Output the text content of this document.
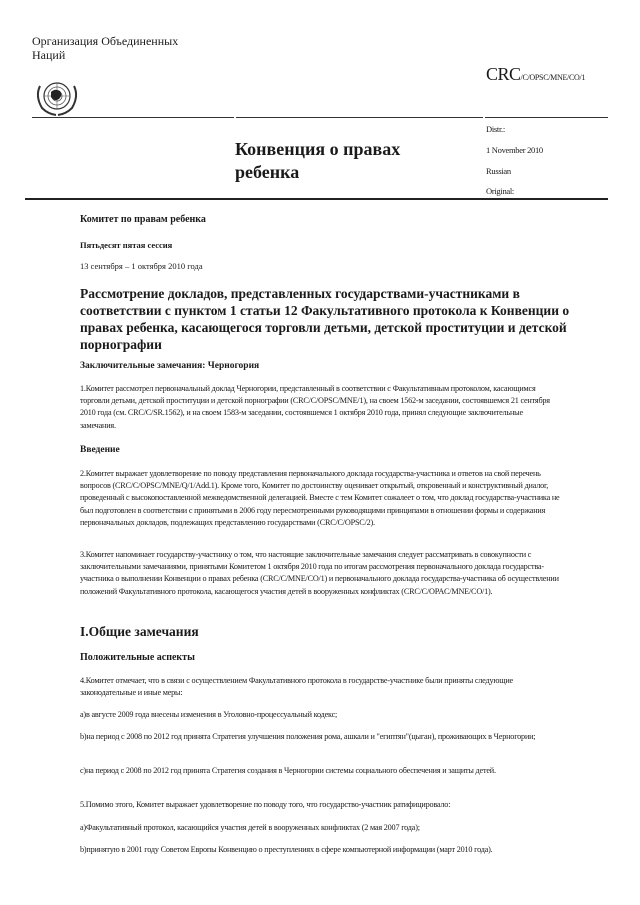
Организация Объединенных Наций
CRC/C/OPSC/MNE/CO/1
Конвенция о правах ребенка
Distr.:
1 November 2010
Russian
Original:
Комитет по правам ребенка
Пятьдесят пятая сессия
13 сентября – 1 октября 2010 года
Рассмотрение докладов, представленных государствами-участниками в соответствии с пунктом 1 статьи 12 Факультативного протокола к Конвенции о правах ребенка, касающегося торговли детьми, детской проституции и детской порнографии
Заключительные замечания: Черногория
1.Комитет рассмотрел первоначальный доклад Черногории, представленный в соответствии с Факультативным протоколом, касающимся торговли детьми, детской проституции и детской порнографии (CRC/C/OPSC/MNE/1), на своем 1562-м заседании, состоявшемся 21 сентября 2010 года (см. CRC/C/SR.1562), и на своем 1583-м заседании, состоявшемся 1 октября 2010 года, принял следующие заключительные замечания.
Введение
2.Комитет выражает удовлетворение по поводу представления первоначального доклада государства-участника и ответов на свой перечень вопросов (CRC/C/OPSC/MNE/Q/1/Add.1). Кроме того, Комитет по достоинству оценивает открытый, откровенный и конструктивный диалог, проведенный с высокопоставленной межведомственной делегацией. Вместе с тем Комитет сожалеет о том, что доклад государства-участника не был подготовлен в соответствии с принятыми в 2006 году пересмотренными руководящими принципами в отношении формы и содержания первоначальных докладов, подлежащих представлению государствами (CRC/C/OPSC/2).
3.Комитет напоминает государству-участнику о том, что настоящие заключительные замечания следует рассматривать в совокупности с заключительными замечаниями, принятыми Комитетом 1 октября 2010 года по итогам рассмотрения первоначального доклада государства-участника о выполнении Конвенции о правах ребенка (CRC/C/MNE/CO/1) и первоначального доклада государства-участника об осуществлении положений Факультативного протокола, касающегося участия детей в вооруженных конфликтах (CRC/C/OPAC/MNE/CO/1).
I.Общие замечания
Положительные аспекты
4.Комитет отмечает, что в связи с осуществлением Факультативного протокола в государстве-участнике были приняты следующие законодательные и иные меры:
а)в августе 2009 года внесены изменения в Уголовно-процессуальный кодекс;
b)на период с 2008 по 2012 год принята Стратегия улучшения положения рома, ашкали и "египтян"(цыган), проживающих в Черногории;
c)на период с 2008 по 2012 год принята Стратегия создания в Черногории системы социального обеспечения и защиты детей.
5.Помимо этого, Комитет выражает удовлетворение по поводу того, что государство-участник ратифицировало:
a)Факультативный протокол, касающийся участия детей в вооруженных конфликтах (2 мая 2007 года);
b)принятую в 2001 году Советом Европы Конвенцию о преступлениях в сфере компьютерной информации (март 2010 года).
